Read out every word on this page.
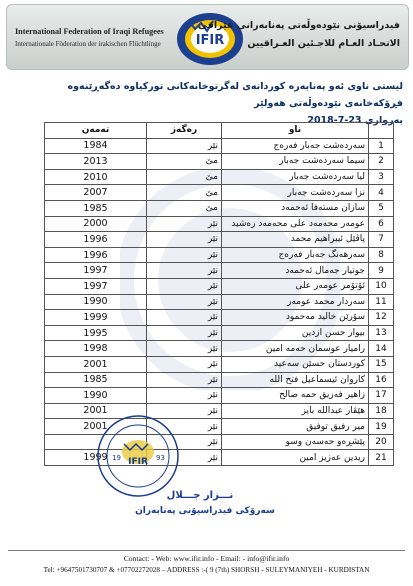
International Federation of Iraqi Refugees
Internationale Föderation der irakischen Flüchtlinge	IFIR
فیدراسیۆنی نێودەوڵەتی پەنابەرانی عێراقی
الاتحـاد العـام للاجـئين العـراقيين
لیستی ناوی ئەو پەنابەرە کوردانەی لەگرتوخانەکانی تورکیاوە دەگەڕێنەوە فڕۆکەخانەی نێودەوڵەتی هەولێر
بەرواری 23-7-2018
	ناو	رەگەز	تەمەن
1	سەردەشت جەبار فەرەج	نێر	1984
2	سیما سەردەشت جەبار	مێ	2013
3	لیا سەردەشت جەبار	مێ	2010
4	نزا سەردەشت جەبار	مێ	2007
5	سازان مستەفا ئەحمەد	مێ	1985
6	عومەر محەمەد علی محەمەد رەشید	نێر	2000
7	پاڤێل ئیبراهیم محمد	نێر	1996
8	سەرهەنگ جەبار فەرەج	نێر	1996
9	جوتیار جەمال ئەحمەد	نێر	1997
10	ئۆتۆمر عومەر علی	نێر	1997
11	سەردار محمد عومەر	نێر	1990
12	سۆرێن خالید مەحمود	نێر	1999
13	بیوار حسن ازدین	نێر	1995
14	رامیار عوسمان حەمە امین	نێر	1998
15	کوردستان حسێن سەعید	نێر	2001
16	کاروان ئیسماعیل فتح الله	نێر	1985
17	زاهیر فەریق حمە صالح	نێر	1990
18	هێڤار عبدالله بایز	نێر	2001
19	میر رفیق توفیق	نێر	2001
20	پێشڕەو حەسەن وسو	نێر	
21	ریدین عەزیز امین	نێر	1999 IFIR
19	93
نـــزار جـــلال
سەرۆکی فیدراسیۆنی پەنابەران
Contact: - Web: www.ifir.info - Email: - info@ifir.info
Tel: +9647501730707 & +07702272028 – ADDRESS :-( 9 (7th) SHORSH - SULEYMANIYEH - KURDISTAN
